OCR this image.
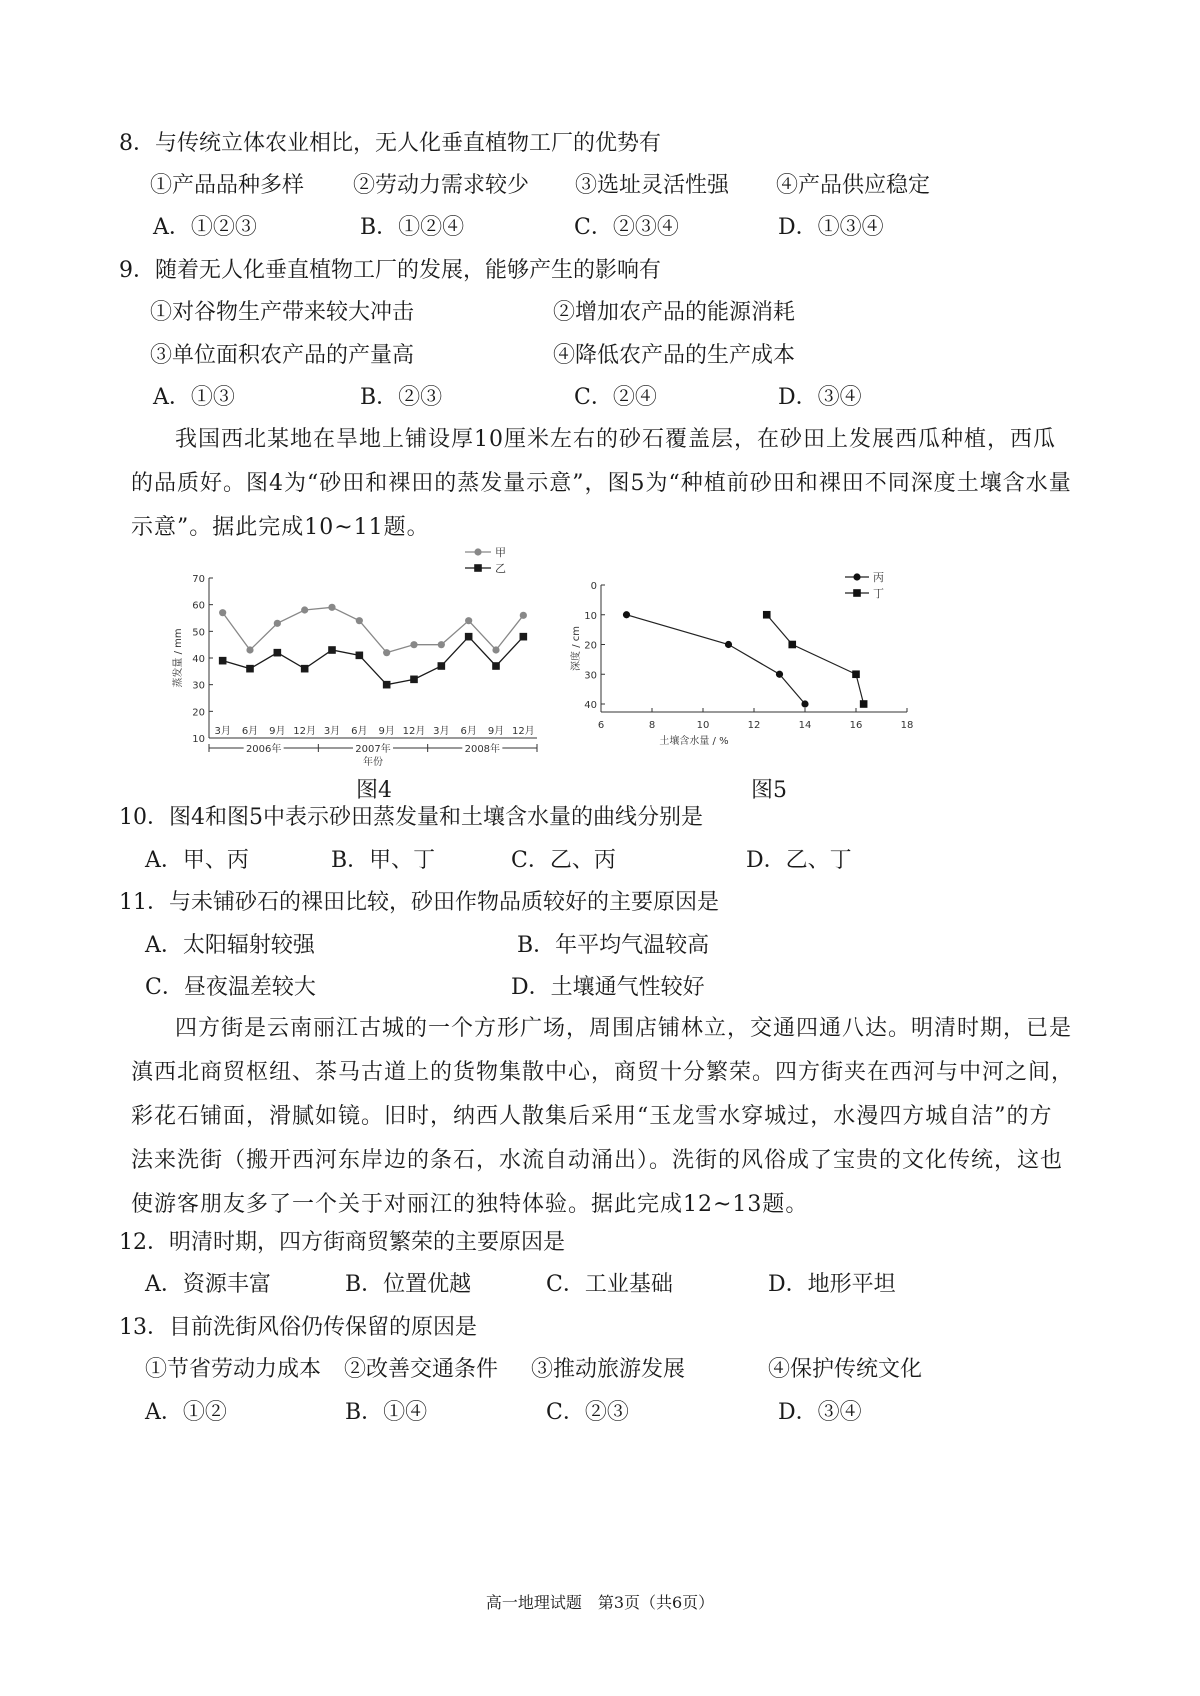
8．与传统立体农业相比，无人化垂直植物工厂的优势有
①产品品种多样 ②劳动力需求较少 ③选址灵活性强 ④产品供应稳定
A．①②③	B．①②④	C．②③④	D．①③④
9．随着无人化垂直植物工厂的发展，能够产生的影响有
①对谷物生产带来较大冲击	②增加农产品的能源消耗
③单位面积农产品的产量高	④降低农产品的生产成本
A．①③	B．②③	C．②④	D．③④
我国西北某地在旱地上铺设厚10厘米左右的砂石覆盖层，在砂田上发展西瓜种植，西瓜的品质好。图4为“砂田和裸田的蒸发量示意”，图5为“种植前砂田和裸田不同深度土壤含水量示意”。据此完成10~11题。
10
20
30
40
50
60
70
蒸发量 / mm
3月 6月 9月 12月 3月 6月 9月 12月 3月 6月 9月 12月
2006年	2007年	2008年
年份
甲
乙
图4
0
10
20
30
40
6	8	10	12	14	16	18
土壤含水量 / %
深度 / cm
丙
丁
图5
10．图4和图5中表示砂田蒸发量和土壤含水量的曲线分别是
A．甲、丙	B．甲、丁	C．乙、丙	D．乙、丁
11．与未铺砂石的裸田比较，砂田作物品质较好的主要原因是
A．太阳辐射较强	B．年平均气温较高
C．昼夜温差较大	D．土壤通气性较好
四方街是云南丽江古城的一个方形广场，周围店铺林立，交通四通八达。明清时期，已是滇西北商贸枢纽、茶马古道上的货物集散中心，商贸十分繁荣。四方街夹在西河与中河之间，彩花石铺面，滑腻如镜。旧时，纳西人散集后采用“玉龙雪水穿城过，水漫四方城自洁”的方法来洗街（搬开西河东岸边的条石，水流自动涌出）。洗街的风俗成了宝贵的文化传统，这也使游客朋友多了一个关于对丽江的独特体验。据此完成12~13题。
12．明清时期，四方街商贸繁荣的主要原因是
A．资源丰富	B．位置优越	C．工业基础	D．地形平坦
13．目前洗街风俗仍传保留的原因是
①节省劳动力成本 ②改善交通条件 ③推动旅游发展	④保护传统文化
A．①②	B．①④	C．②③	D．③④
高一地理试题　第3页（共6页）
